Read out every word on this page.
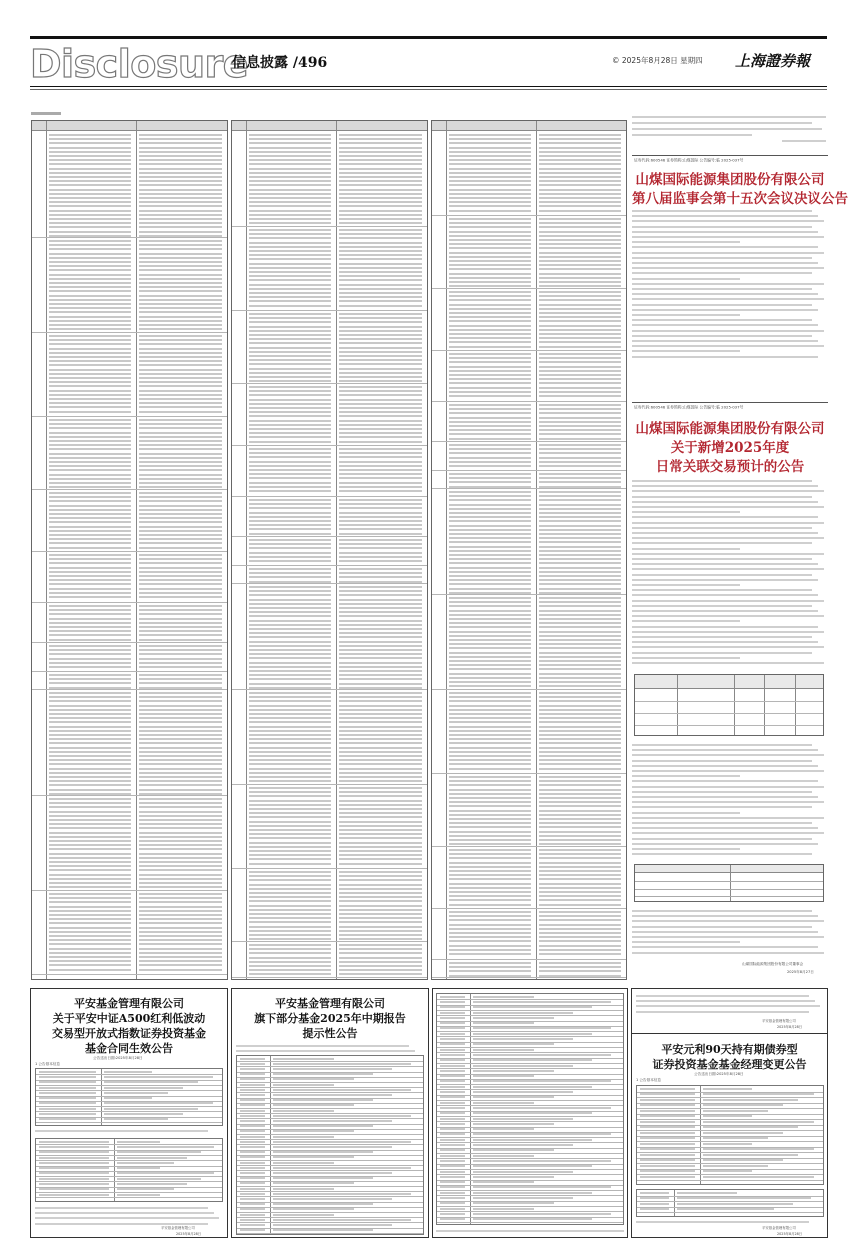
Disclosure
信息披露 /496	© 2025年8月28日 星期四 上海證券報
证券代码:600546 证券简称:山煤国际 公告编号:临 2025-037号
山煤国际能源集团股份有限公司
第八届监事会第十五次会议决议公告
证券代码:600546 证券简称:山煤国际 公告编号:临 2025-037号
山煤国际能源集团股份有限公司
关于新增2025年度
日常关联交易预计的公告
山煤国际能源集团股份有限公司董事会
2025年8月27日
平安基金管理有限公司
关于平安中证A500红利低波动
交易型开放式指数证券投资基金
基金合同生效公告
公告送出日期:2025年8月28日
1 公告基本信息
平安基金管理有限公司
2025年8月28日
平安基金管理有限公司
旗下部分基金2025年中期报告
提示性公告
平安基金管理有限公司
2025年8月28日
平安元利90天持有期债券型
证券投资基金基金经理变更公告
公告送出日期:2025年8月28日
1 公告基本信息
平安基金管理有限公司
2025年8月28日
